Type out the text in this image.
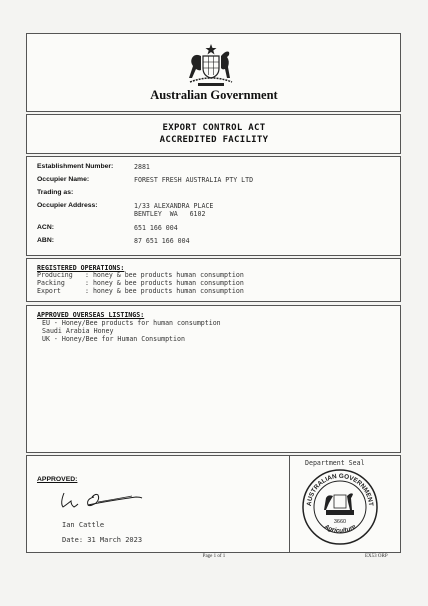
Australian Government
EXPORT CONTROL ACT
ACCREDITED FACILITY
Establishment Number:	2881
Occupier Name:	FOREST FRESH AUSTRALIA PTY LTD
Trading as:
Occupier Address:	1/33 ALEXANDRA PLACE
BENTLEY  WA   6102
ACN:	651 166 004
ABN:	87 651 166 004
REGISTERED OPERATIONS:
Producing : honey & bee products human consumption
Packing	: honey & bee products human consumption
Export	: honey & bee products human consumption
APPROVED OVERSEAS LISTINGS:
EU - Honey/Bee products for human consumption
Saudi Arabia Honey
UK - Honey/Bee for Human Consumption
APPROVED:
Ian Cattle
Date: 31 March 2023
Department Seal
AUSTRALIAN GOVERNMENT
Agriculture
3660
Page 1 of 1	EX53 ORP
